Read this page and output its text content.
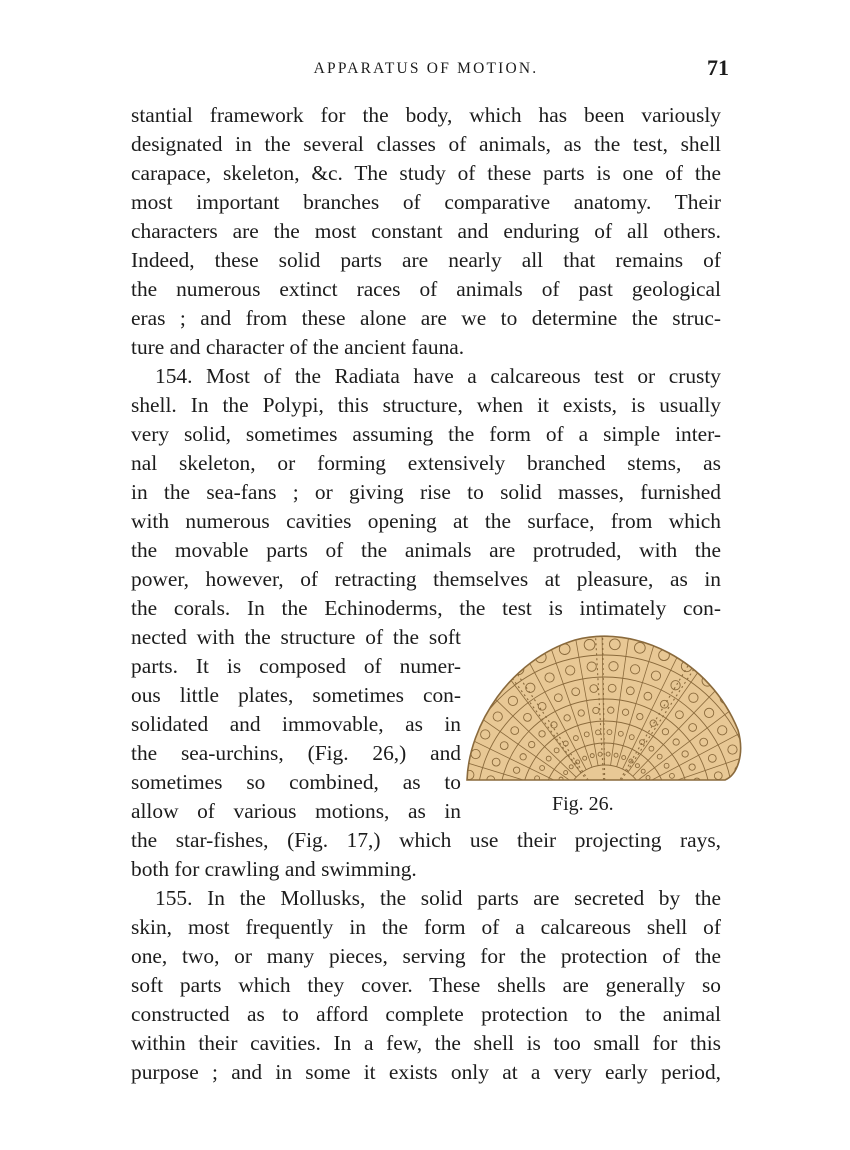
APPARATUS OF MOTION.	71
stantial framework for the body, which has been variously
designated in the several classes of animals, as the test, shell
carapace, skeleton, &c. The study of these parts is one of the
most important branches of comparative anatomy. Their
characters are the most constant and enduring of all others.
Indeed, these solid parts are nearly all that remains of
the numerous extinct races of animals of past geological
eras ; and from these alone are we to determine the struc-
ture and character of the ancient fauna.
154. Most of the Radiata have a calcareous test or crusty
shell. In the Polypi, this structure, when it exists, is usually
very solid, sometimes assuming the form of a simple inter-
nal skeleton, or forming extensively branched stems, as
in the sea-fans ; or giving rise to solid masses, furnished
with numerous cavities opening at the surface, from which
the movable parts of the animals are protruded, with the
power, however, of retracting themselves at pleasure, as in
the corals. In the Echinoderms, the test is intimately con-
nected with the structure of the soft
parts. It is composed of numer-
ous little plates, sometimes con-
solidated and immovable, as in
the sea-urchins, (Fig. 26,) and
sometimes so combined, as to
allow of various motions, as in
the star-fishes, (Fig. 17,) which use their projecting rays,
both for crawling and swimming.
155. In the Mollusks, the solid parts are secreted by the
skin, most frequently in the form of a calcareous shell of
one, two, or many pieces, serving for the protection of the
soft parts which they cover. These shells are generally so
constructed as to afford complete protection to the animal
within their cavities. In a few, the shell is too small for this
purpose ; and in some it exists only at a very early period,
Fig. 26.
